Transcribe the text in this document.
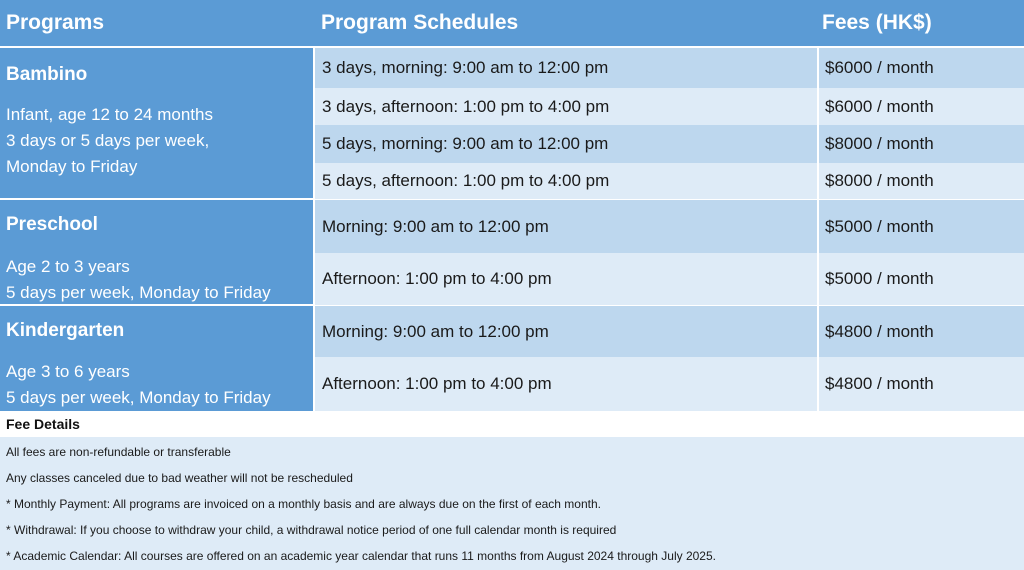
Programs	Program Schedules	Fees (HK$)
Bambino
Infant, age 12 to 24 months
3 days or 5 days per week,
Monday to Friday
3 days, morning: 9:00 am to 12:00 pm	$6000 / month
3 days, afternoon: 1:00 pm to 4:00 pm	$6000 / month
5 days, morning: 9:00 am to 12:00 pm	$8000 / month
5 days, afternoon: 1:00 pm to 4:00 pm	$8000 / month
Preschool
Age 2 to 3 years
5 days per week, Monday to Friday
Morning: 9:00 am to 12:00 pm	$5000 / month
Afternoon: 1:00 pm to 4:00 pm	$5000 / month
Kindergarten
Age 3 to 6 years
5 days per week, Monday to Friday
Morning: 9:00 am to 12:00 pm	$4800 / month
Afternoon: 1:00 pm to 4:00 pm	$4800 / month
Fee Details
All fees are non-refundable or transferable
Any classes canceled due to bad weather will not be rescheduled
* Monthly Payment: All programs are invoiced on a monthly basis and are always due on the first of each month.
* Withdrawal: If you choose to withdraw your child, a withdrawal notice period of one full calendar month is required
* Academic Calendar: All courses are offered on an academic year calendar that runs 11 months from August 2024 through July 2025.
